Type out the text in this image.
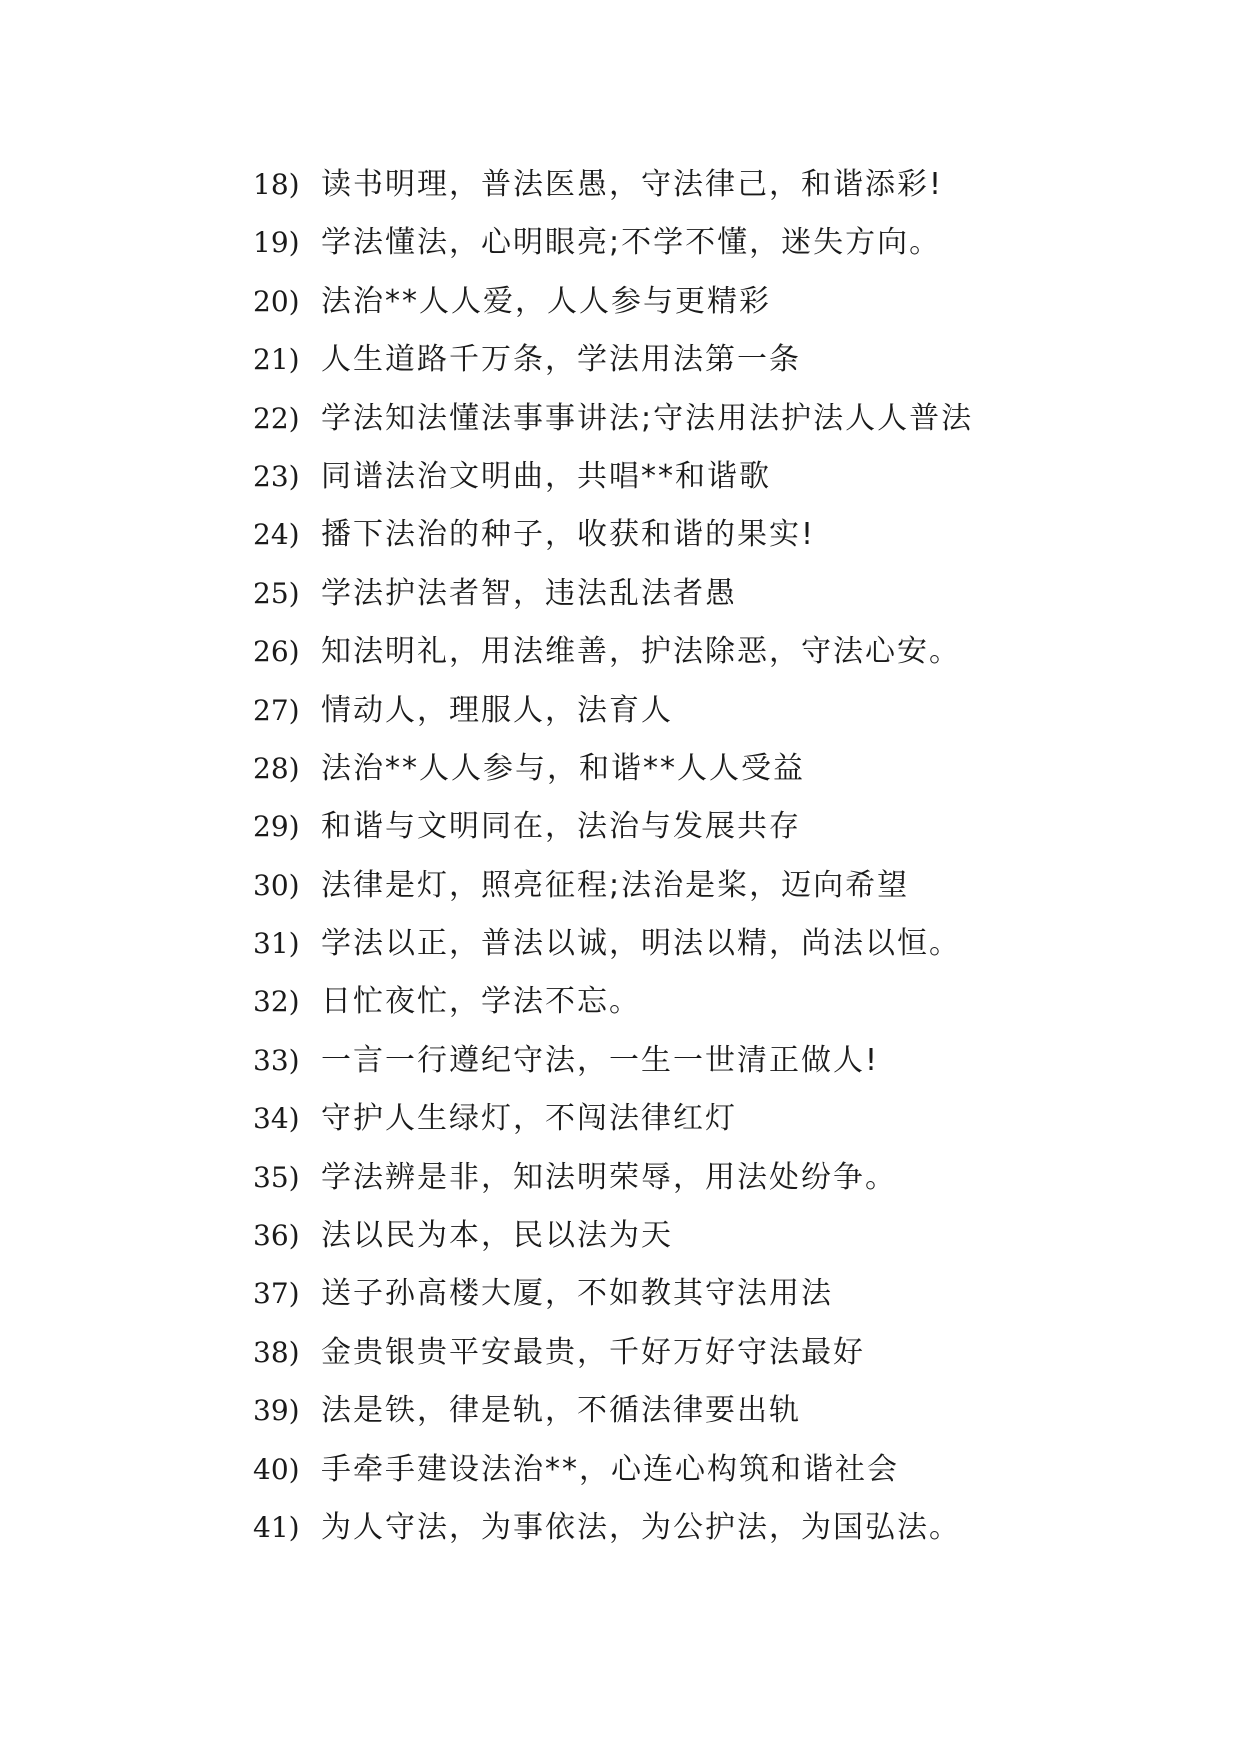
18) 读书明理，普法医愚，守法律己，和谐添彩!
19) 学法懂法，心明眼亮;不学不懂，迷失方向。
20) 法治**人人爱，人人参与更精彩
21) 人生道路千万条，学法用法第一条
22) 学法知法懂法事事讲法;守法用法护法人人普法
23) 同谱法治文明曲，共唱**和谐歌
24) 播下法治的种子，收获和谐的果实!
25) 学法护法者智，违法乱法者愚
26) 知法明礼，用法维善，护法除恶，守法心安。
27) 情动人，理服人，法育人
28) 法治**人人参与，和谐**人人受益
29) 和谐与文明同在，法治与发展共存
30) 法律是灯，照亮征程;法治是桨，迈向希望
31) 学法以正，普法以诚，明法以精，尚法以恒。
32) 日忙夜忙，学法不忘。
33) 一言一行遵纪守法，一生一世清正做人!
34) 守护人生绿灯，不闯法律红灯
35) 学法辨是非，知法明荣辱，用法处纷争。
36) 法以民为本，民以法为天
37) 送子孙高楼大厦，不如教其守法用法
38) 金贵银贵平安最贵，千好万好守法最好
39) 法是铁，律是轨，不循法律要出轨
40) 手牵手建设法治**，心连心构筑和谐社会
41) 为人守法，为事依法，为公护法，为国弘法。
